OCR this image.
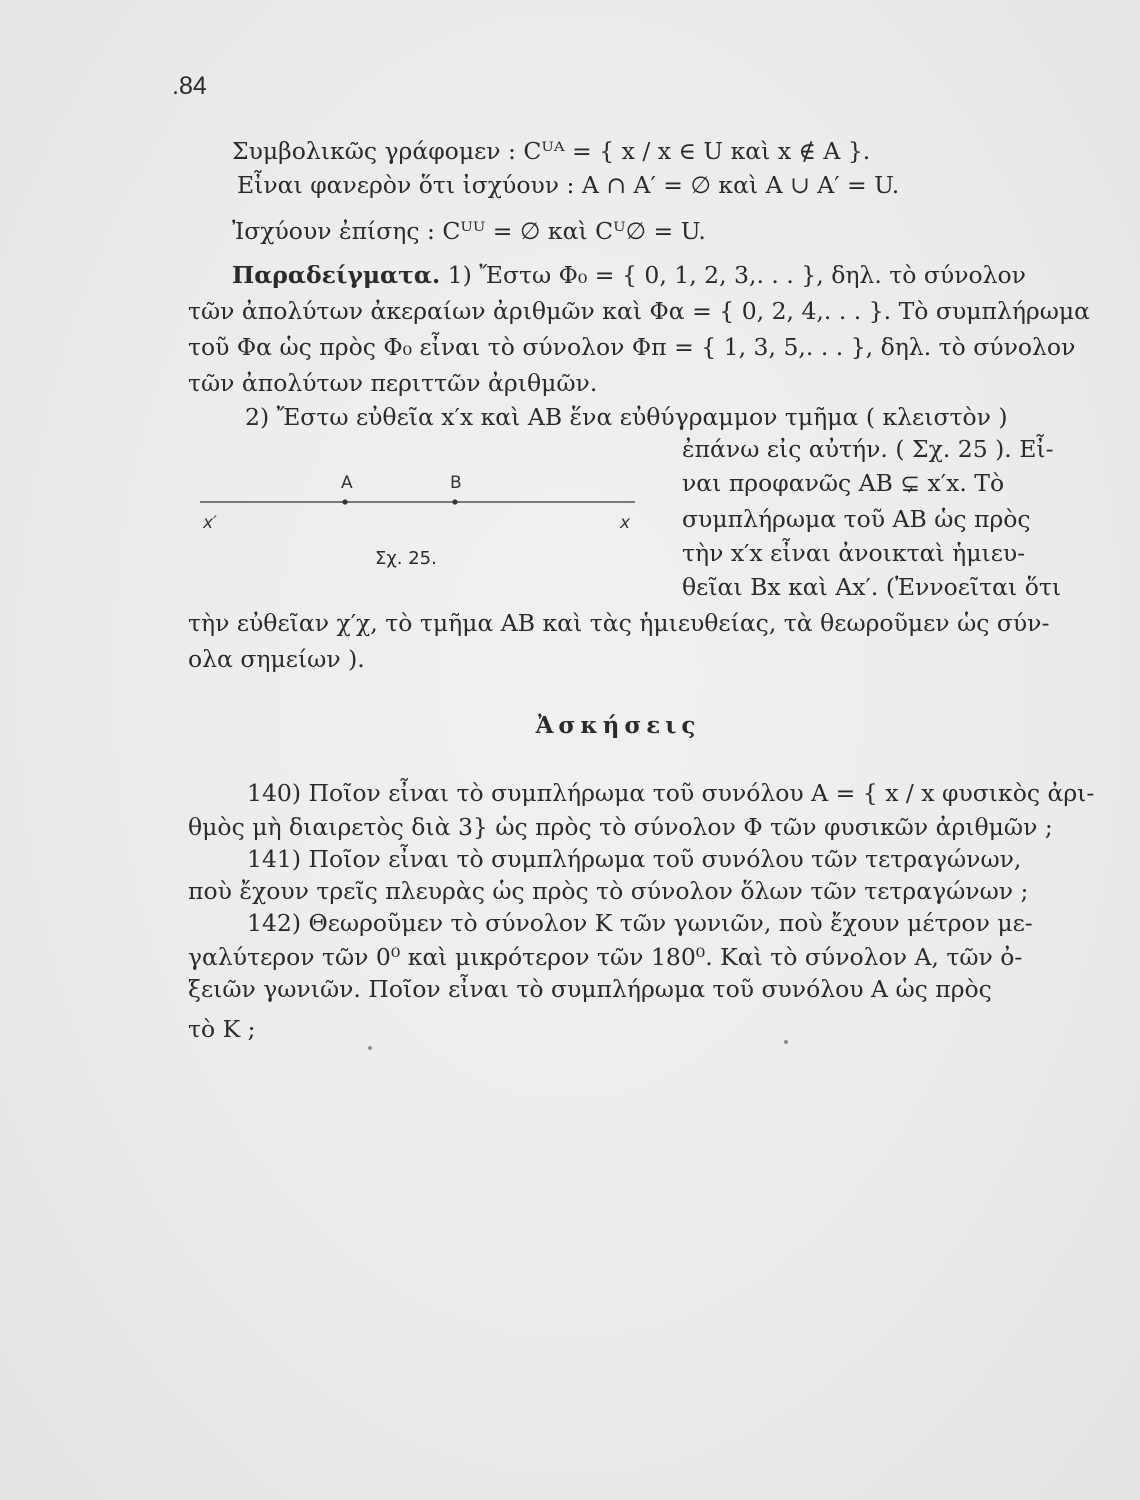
.84
Συμβολικῶς γράφομεν : Cᵁᴬ = { x / x ∈ U καὶ x ∉ A }.
Εἶναι φανερὸν ὅτι ἰσχύουν : A ∩ A′ = ∅ καὶ A ∪ A′ = U.
Ἰσχύουν ἐπίσης : Cᵁᵁ = ∅ καὶ Cᵁ∅ = U.
Παραδείγματα. 1) Ἔστω Φ₀ = { 0, 1, 2, 3,. . . }, δηλ. τὸ σύνολον
τῶν ἀπολύτων ἀκεραίων ἀριθμῶν καὶ Φα = { 0, 2, 4,. . . }. Τὸ συμπλήρωμα
τοῦ Φα ὡς πρὸς Φ₀ εἶναι τὸ σύνολον Φπ = { 1, 3, 5,. . . }, δηλ. τὸ σύνολον
τῶν ἀπολύτων περιττῶν ἀριθμῶν.
2) Ἔστω εὐθεῖα x′x καὶ AB ἕνα εὐθύγραμμον τμῆμα ( κλειστὸν )
ἐπάνω εἰς αὐτήν. ( Σχ. 25 ). Εἶ-
ναι προφανῶς AB ⊊ x′x. Τὸ
συμπλήρωμα τοῦ AB ὡς πρὸς
τὴν x′x εἶναι ἀνοικταὶ ἡμιευ-
θεῖαι Bx καὶ Ax′. (Ἐννοεῖται ὅτι
A	B
x′	x
Σχ. 25.
τὴν εὐθεῖαν χ′χ, τὸ τμῆμα AB καὶ τὰς ἡμιευθείας, τὰ θεωροῦμεν ὡς σύν-
ολα σημείων ).
Ἀσκήσεις
140) Ποῖον εἶναι τὸ συμπλήρωμα τοῦ συνόλου A = { x / x φυσικὸς ἀρι-
θμὸς μὴ διαιρετὸς διὰ 3} ὡς πρὸς τὸ σύνολον Φ τῶν φυσικῶν ἀριθμῶν ;
141) Ποῖον εἶναι τὸ συμπλήρωμα τοῦ συνόλου τῶν τετραγώνων,
ποὺ ἔχουν τρεῖς πλευρὰς ὡς πρὸς τὸ σύνολον ὅλων τῶν τετραγώνων ;
142) Θεωροῦμεν τὸ σύνολον K τῶν γωνιῶν, ποὺ ἔχουν μέτρον με-
γαλύτερον τῶν 0⁰ καὶ μικρότερον τῶν 180⁰. Καὶ τὸ σύνολον A, τῶν ὀ-
ξειῶν γωνιῶν. Ποῖον εἶναι τὸ συμπλήρωμα τοῦ συνόλου A ὡς πρὸς
τὸ K ;
